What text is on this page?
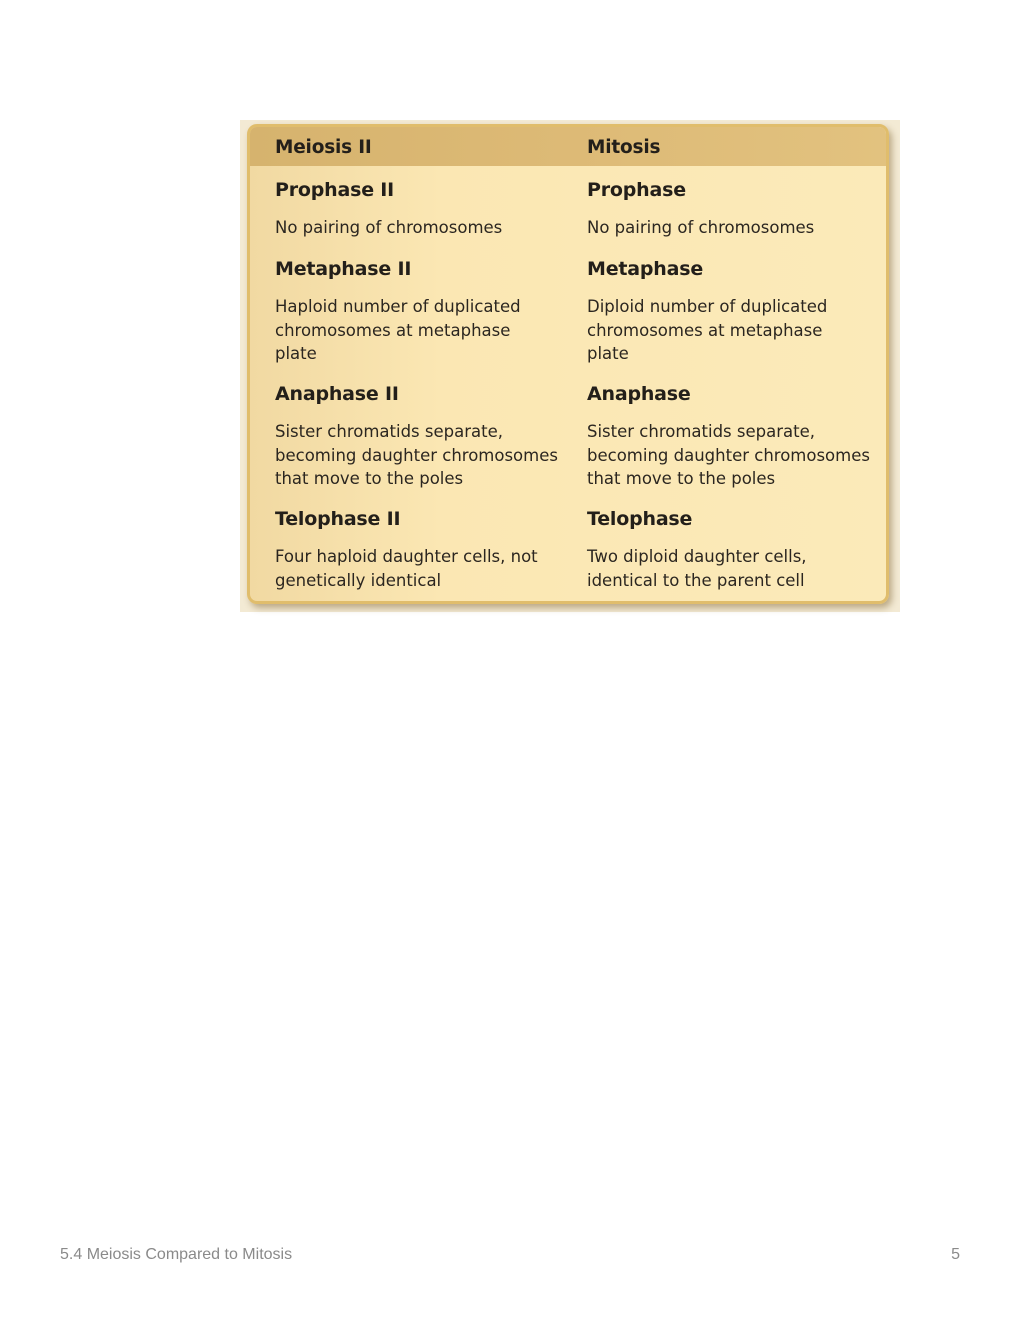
Meiosis II	Mitosis
Prophase II
No pairing of chromosomes
Metaphase II
Haploid number of duplicated
chromosomes at metaphase
plate
Anaphase II
Sister chromatids separate,
becoming daughter chromosomes
that move to the poles
Telophase II
Four haploid daughter cells, not
genetically identical
Prophase
No pairing of chromosomes
Metaphase
Diploid number of duplicated
chromosomes at metaphase
plate
Anaphase
Sister chromatids separate,
becoming daughter chromosomes
that move to the poles
Telophase
Two diploid daughter cells,
identical to the parent cell
5.4 Meiosis Compared to Mitosis	5
